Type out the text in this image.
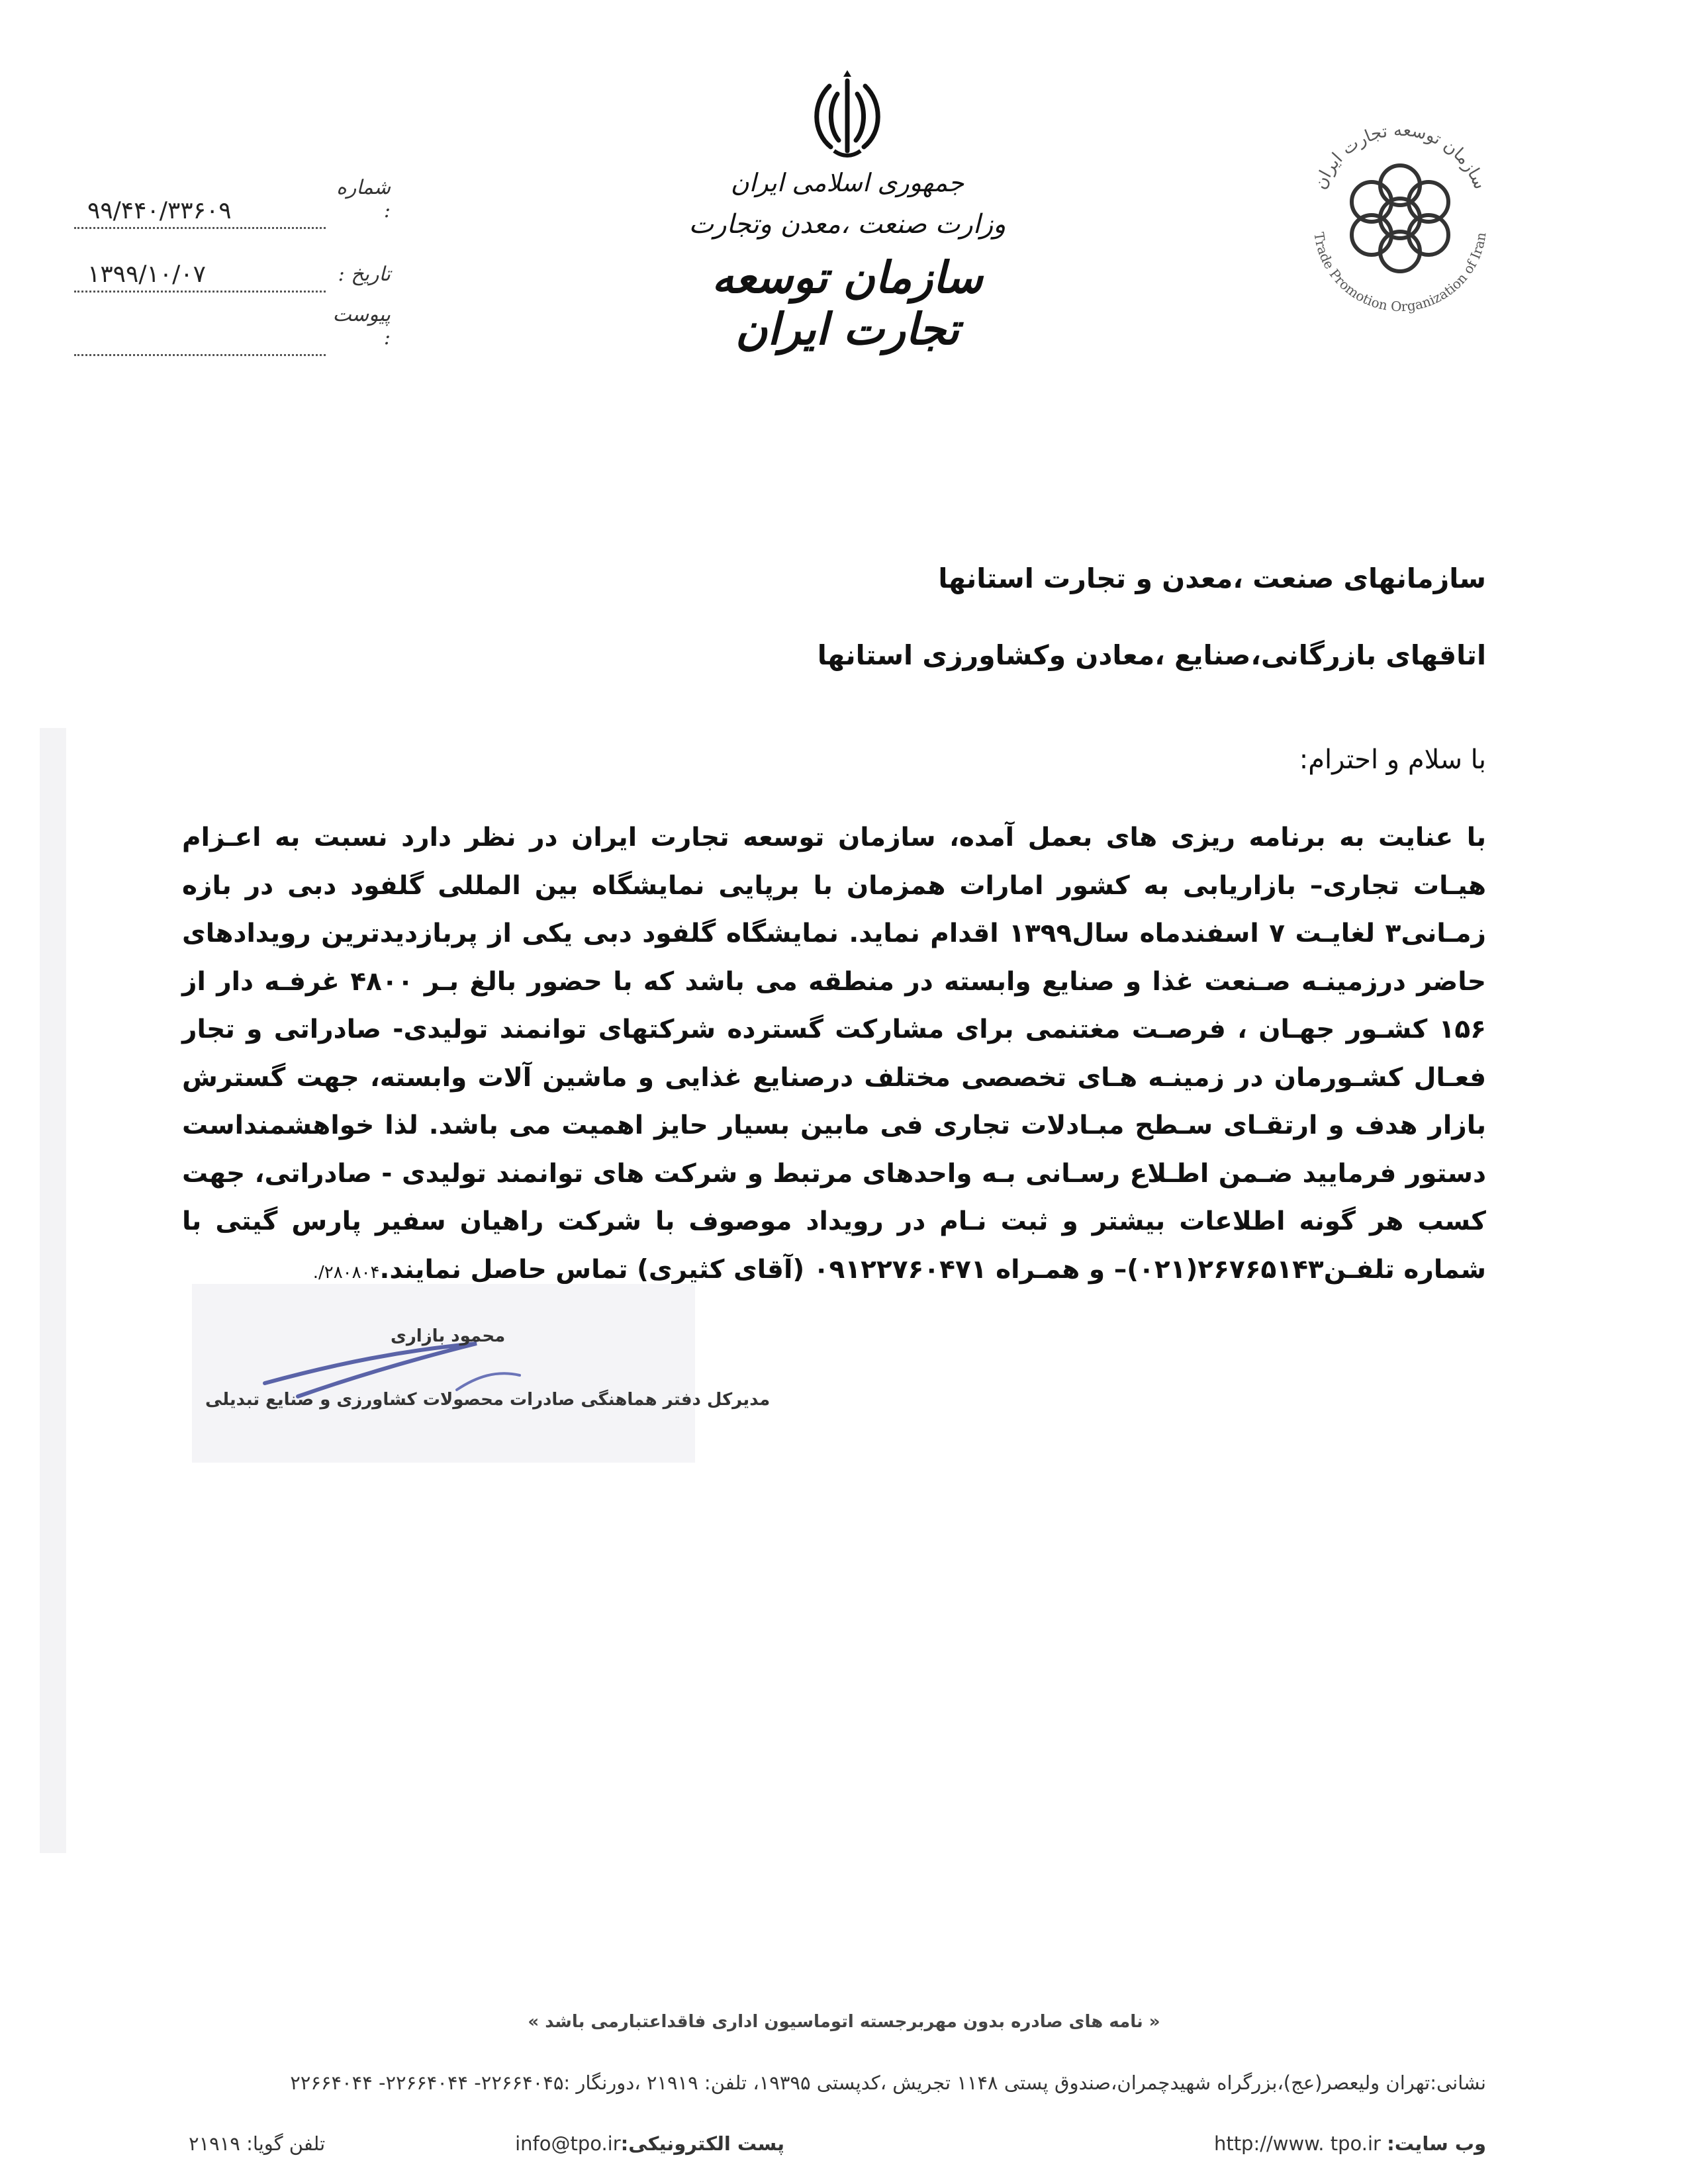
شماره :
۹۹/۴۴۰/۳۳۶۰۹
تاریخ :
۱۳۹۹/۱۰/۰۷
پیوست :
جمهوری اسلامی ایران
وزارت صنعت ،معدن وتجارت
سازمان توسعه تجارت ایران
سازمان توسعه تجارت ایران
Trade Promotion Organization of Iran
سازمانهای صنعت ،معدن و تجارت استانها
اتاقهای بازرگانی،صنایع ،معادن وکشاورزی استانها
با سلام و احترام:
با عنایت به برنامه ریزی های بعمل آمده، سازمان توسعه تجارت ایران در نظر دارد نسبت به اعـزام هیـات تجاری– بازاریابی به کشور امارات همزمان با برپایی نمایشگاه بین المللی گلفود دبی در بازه زمـانی۳ لغایـت ۷ اسفندماه سال۱۳۹۹ اقدام نماید. نمایشگاه گلفود دبی یکی از پربازدیدترین رویدادهای حاضر درزمینـه صـنعت غذا و صنایع وابسته در منطقه می باشد که با حضور بالغ بـر ۴۸۰۰ غرفـه دار از ۱۵۶ کشـور جهـان ، فرصـت مغتنمی برای مشارکت گسترده شرکتهای توانمند تولیدی- صادراتی و تجار فعـال کشـورمان در زمینـه هـای تخصصی مختلف درصنایع غذایی و ماشین آلات وابسته، جهت گسترش بازار هدف و ارتقـای سـطح مبـادلات تجاری فی مابین بسیار حایز اهمیت می باشد. لذا خواهشمنداست دستور فرمایید ضـمن اطـلاع رسـانی بـه واحدهای مرتبط و شرکت های توانمند تولیدی - صادراتی، جهت کسب هر گونه اطلاعات بیشتر و ثبت نـام در رویداد موصوف با شرکت راهیان سفیر پارس گیتی با شماره تلفـن۲۶۷۶۵۱۴۳(۰۲۱)– و همـراه ۰۹۱۲۲۷۶۰۴۷۱ (آقای کثیری) تماس حاصل نمایند.۲۸۰۸۰۴/.
محمود بازاری
مدیرکل دفتر هماهنگی صادرات محصولات کشاورزی و صنایع تبدیلی
« نامه های صادره بدون مهربرجسته اتوماسیون اداری فاقداعتبارمی باشد »
نشانی:تهران ولیعصر(عج)،بزرگراه شهیدچمران،صندوق پستی ۱۱۴۸ تجریش ،کدپستی ۱۹۳۹۵، تلفن: ۲۱۹۱۹ ،دورنگار :۲۲۶۶۴۰۴۵- ۲۲۶۶۴۰۴۴- ۲۲۶۶۴۰۴۴
وب سایت: http://www. tpo.ir
پست الکترونیکی:info@tpo.ir
تلفن گویا: ۲۱۹۱۹
